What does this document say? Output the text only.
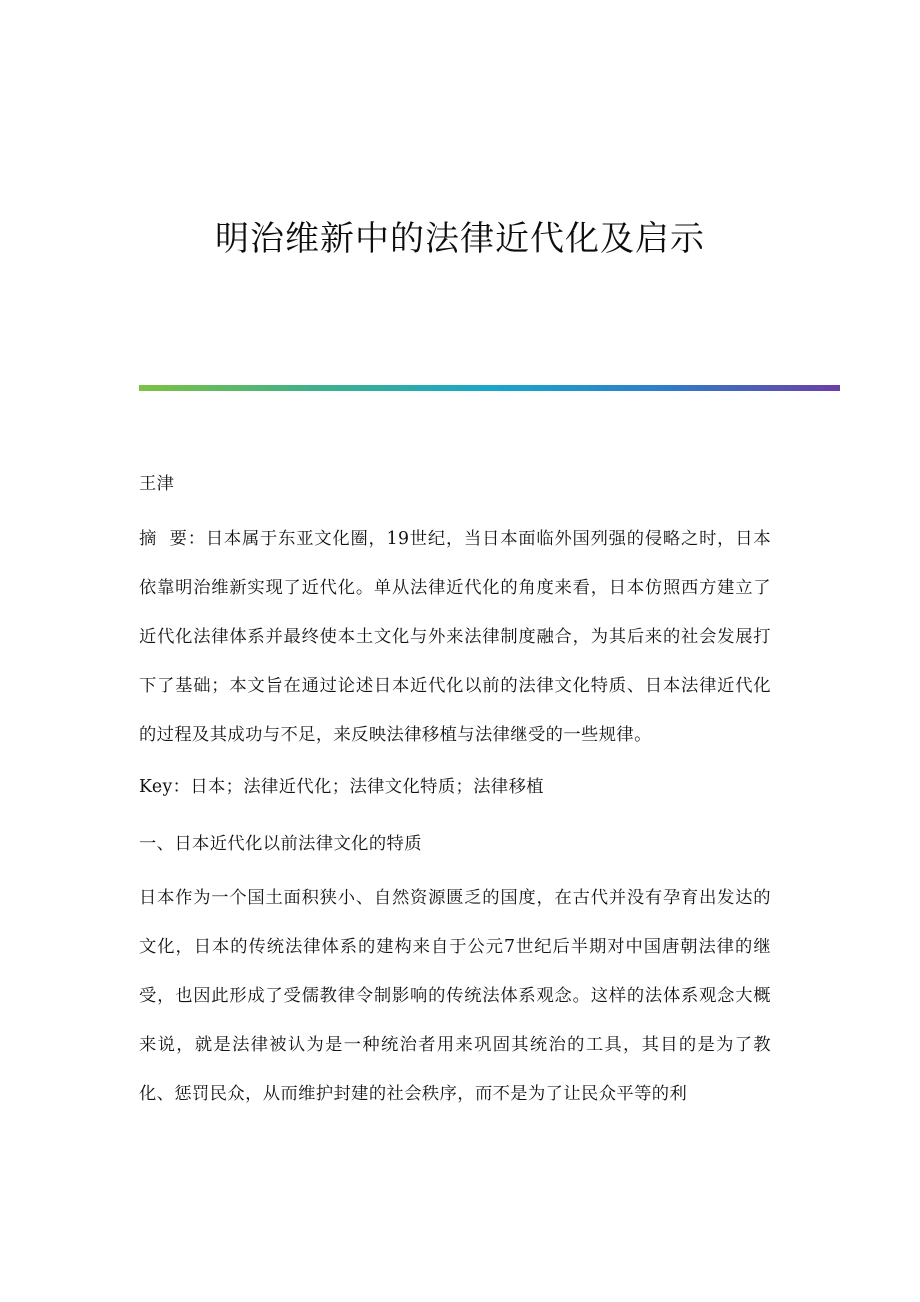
明治维新中的法律近代化及启示
王津
摘  要：日本属于东亚文化圈，19世纪，当日本面临外国列强的侵略之时，日本依靠明治维新实现了近代化。单从法律近代化的角度来看，日本仿照西方建立了近代化法律体系并最终使本土文化与外来法律制度融合，为其后来的社会发展打下了基础；本文旨在通过论述日本近代化以前的法律文化特质、日本法律近代化的过程及其成功与不足，来反映法律移植与法律继受的一些规律。
Key：日本；法律近代化；法律文化特质；法律移植
一、日本近代化以前法律文化的特质
日本作为一个国土面积狭小、自然资源匮乏的国度，在古代并没有孕育出发达的文化，日本的传统法律体系的建构来自于公元7世纪后半期对中国唐朝法律的继受，也因此形成了受儒教律令制影响的传统法体系观念。这样的法体系观念大概来说，就是法律被认为是一种统治者用来巩固其统治的工具，其目的是为了教化、惩罚民众，从而维护封建的社会秩序，而不是为了让民众平等的利
